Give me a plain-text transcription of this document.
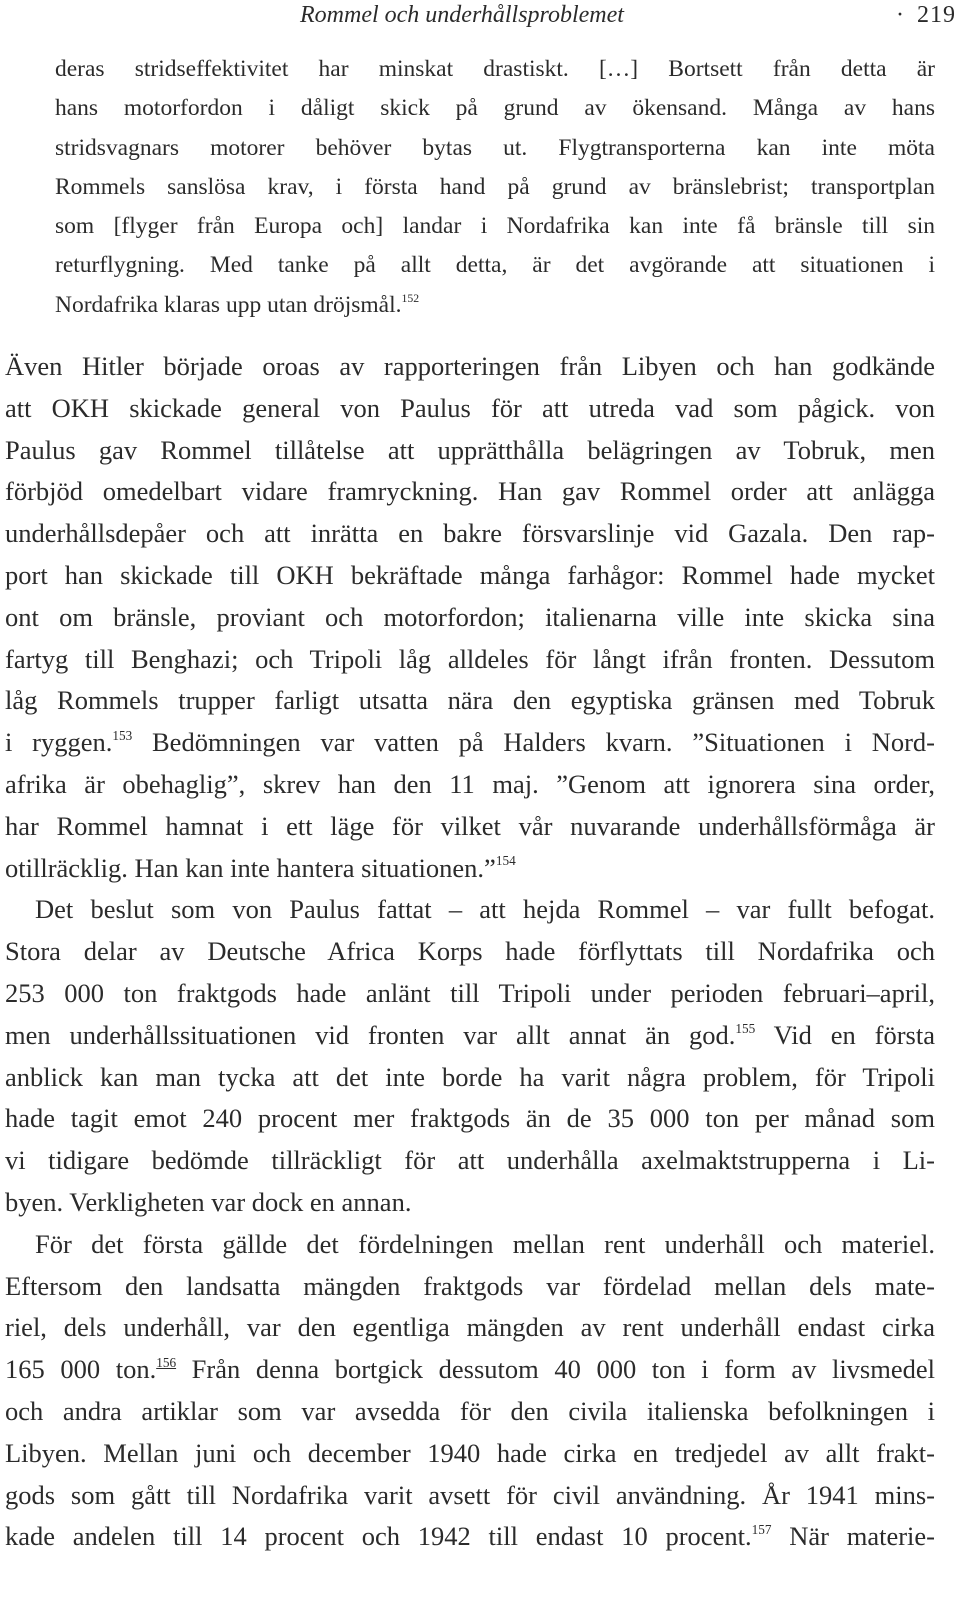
Rommel och underhållsproblemet	· 219
deras stridseffektivitet har minskat drastiskt. […] Bortsett från detta är
hans motorfordon i dåligt skick på grund av ökensand. Många av hans
stridsvagnars motorer behöver bytas ut. Flygtransporterna kan inte möta
Rommels sanslösa krav, i första hand på grund av bränslebrist; transportplan
som [flyger från Europa och] landar i Nordafrika kan inte få bränsle till sin
returflygning. Med tanke på allt detta, är det avgörande att situationen i
Nordafrika klaras upp utan dröjsmål.$^{152}$
Även Hitler började oroas av rapporteringen från Libyen och han godkände
att OKH skickade general von Paulus för att utreda vad som pågick. von
Paulus gav Rommel tillåtelse att upprätthålla belägringen av Tobruk, men
förbjöd omedelbart vidare framryckning. Han gav Rommel order att anlägga
underhållsdepåer och att inrätta en bakre försvarslinje vid Gazala. Den rap-
port han skickade till OKH bekräftade många farhågor: Rommel hade mycket
ont om bränsle, proviant och motorfordon; italienarna ville inte skicka sina
fartyg till Benghazi; och Tripoli låg alldeles för långt ifrån fronten. Dessutom
låg Rommels trupper farligt utsatta nära den egyptiska gränsen med Tobruk
i ryggen.$^{153}$ Bedömningen var vatten på Halders kvarn. ”Situationen i Nord-
afrika är obehaglig”, skrev han den 11 maj. ”Genom att ignorera sina order,
har Rommel hamnat i ett läge för vilket vår nuvarande underhållsförmåga är
otillräcklig. Han kan inte hantera situationen.”$^{154}$
Det beslut som von Paulus fattat – att hejda Rommel – var fullt befogat.
Stora delar av Deutsche Africa Korps hade förflyttats till Nordafrika och
253 000 ton fraktgods hade anlänt till Tripoli under perioden februari–april,
men underhållssituationen vid fronten var allt annat än god.$^{155}$ Vid en första
anblick kan man tycka att det inte borde ha varit några problem, för Tripoli
hade tagit emot 240 procent mer fraktgods än de 35 000 ton per månad som
vi tidigare bedömde tillräckligt för att underhålla axelmaktstrupperna i Li-
byen. Verkligheten var dock en annan.
För det första gällde det fördelningen mellan rent underhåll och materiel.
Eftersom den landsatta mängden fraktgods var fördelad mellan dels mate-
riel, dels underhåll, var den egentliga mängden av rent underhåll endast cirka
165 000 ton.$^{156}$ Från denna bortgick dessutom 40 000 ton i form av livsmedel
och andra artiklar som var avsedda för den civila italienska befolkningen i
Libyen. Mellan juni och december 1940 hade cirka en tredjedel av allt frakt-
gods som gått till Nordafrika varit avsett för civil användning. År 1941 mins-
kade andelen till 14 procent och 1942 till endast 10 procent.$^{157}$ När materie-
